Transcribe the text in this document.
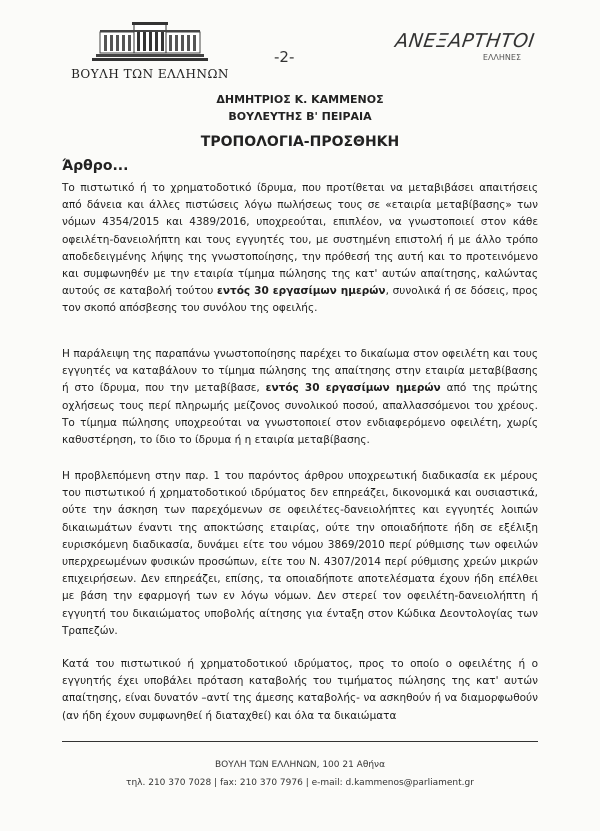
ΒΟΥΛΗ ΤΩΝ ΕΛΛΗΝΩΝ
-2-
ΑΝΕΞΑΡΤΗΤΟΙ
ΕΛΛΗΝΕΣ
ΔΗΜΗΤΡΙΟΣ Κ. ΚΑΜΜΕΝΟΣ
ΒΟΥΛΕΥΤΗΣ Β' ΠΕΙΡΑΙΑ
ΤΡΟΠΟΛΟΓΙΑ-ΠΡΟΣΘΗΚΗ
Άρθρο...

Το πιστωτικό ή το χρηματοδοτικό ίδρυμα, που προτίθεται να μεταβιβάσει απαιτήσεις από δάνεια και άλλες πιστώσεις λόγω πωλήσεως τους σε «εταιρία μεταβίβασης» των νόμων 4354/2015 και 4389/2016, υποχρεούται, επιπλέον, να γνωστοποιεί στον κάθε οφειλέτη-δανειολήπτη και τους εγγυητές του, με συστημένη επιστολή ή με άλλο τρόπο αποδεδειγμένης λήψης της γνωστοποίησης, την πρόθεσή της αυτή και το προτεινόμενο και συμφωνηθέν με την εταιρία τίμημα πώλησης της κατ' αυτών απαίτησης, καλώντας αυτούς σε καταβολή τούτου εντός 30 εργασίμων ημερών, συνολικά ή σε δόσεις, προς τον σκοπό απόσβεσης του συνόλου της οφειλής.

Η παράλειψη της παραπάνω γνωστοποίησης παρέχει το δικαίωμα στον οφειλέτη και τους εγγυητές να καταβάλουν το τίμημα πώλησης της απαίτησης στην εταιρία μεταβίβασης ή στο ίδρυμα, που την μεταβίβασε, εντός 30 εργασίμων ημερών από της πρώτης οχλήσεως τους περί πληρωμής μείζονος συνολικού ποσού, απαλλασσόμενοι του χρέους. Το τίμημα πώλησης υποχρεούται να γνωστοποιεί στον ενδιαφερόμενο οφειλέτη, χωρίς καθυστέρηση, το ίδιο το ίδρυμα ή η εταιρία μεταβίβασης.

Η προβλεπόμενη στην παρ. 1 του παρόντος άρθρου υποχρεωτική διαδικασία εκ μέρους του πιστωτικού ή χρηματοδοτικού ιδρύματος δεν επηρεάζει, δικονομικά και ουσιαστικά, ούτε την άσκηση των παρεχόμενων σε οφειλέτες-δανειολήπτες και εγγυητές λοιπών δικαιωμάτων έναντι της αποκτώσης εταιρίας, ούτε την οποιαδήποτε ήδη σε εξέλιξη ευρισκόμενη διαδικασία, δυνάμει είτε του νόμου 3869/2010 περί ρύθμισης των οφειλών υπερχρεωμένων φυσικών προσώπων, είτε του Ν. 4307/2014 περί ρύθμισης χρεών μικρών επιχειρήσεων. Δεν επηρεάζει, επίσης, τα οποιαδήποτε αποτελέσματα έχουν ήδη επέλθει με βάση την εφαρμογή των εν λόγω νόμων. Δεν στερεί τον οφειλέτη-δανειολήπτη ή εγγυητή του δικαιώματος υποβολής αίτησης για ένταξη στον Κώδικα Δεοντολογίας των Τραπεζών.

Κατά του πιστωτικού ή χρηματοδοτικού ιδρύματος, προς το οποίο ο οφειλέτης ή ο εγγυητής έχει υποβάλει πρόταση καταβολής του τιμήματος πώλησης της κατ' αυτών απαίτησης, είναι δυνατόν –αντί της άμεσης καταβολής- να ασκηθούν ή να διαμορφωθούν (αν ήδη έχουν συμφωνηθεί ή διαταχθεί) και όλα τα δικαιώματα

ΒΟΥΛΗ ΤΩΝ ΕΛΛΗΝΩΝ, 100 21 Αθήνα
τηλ. 210 370 7028 | fax: 210 370 7976 | e-mail: d.kammenos@parliament.gr
